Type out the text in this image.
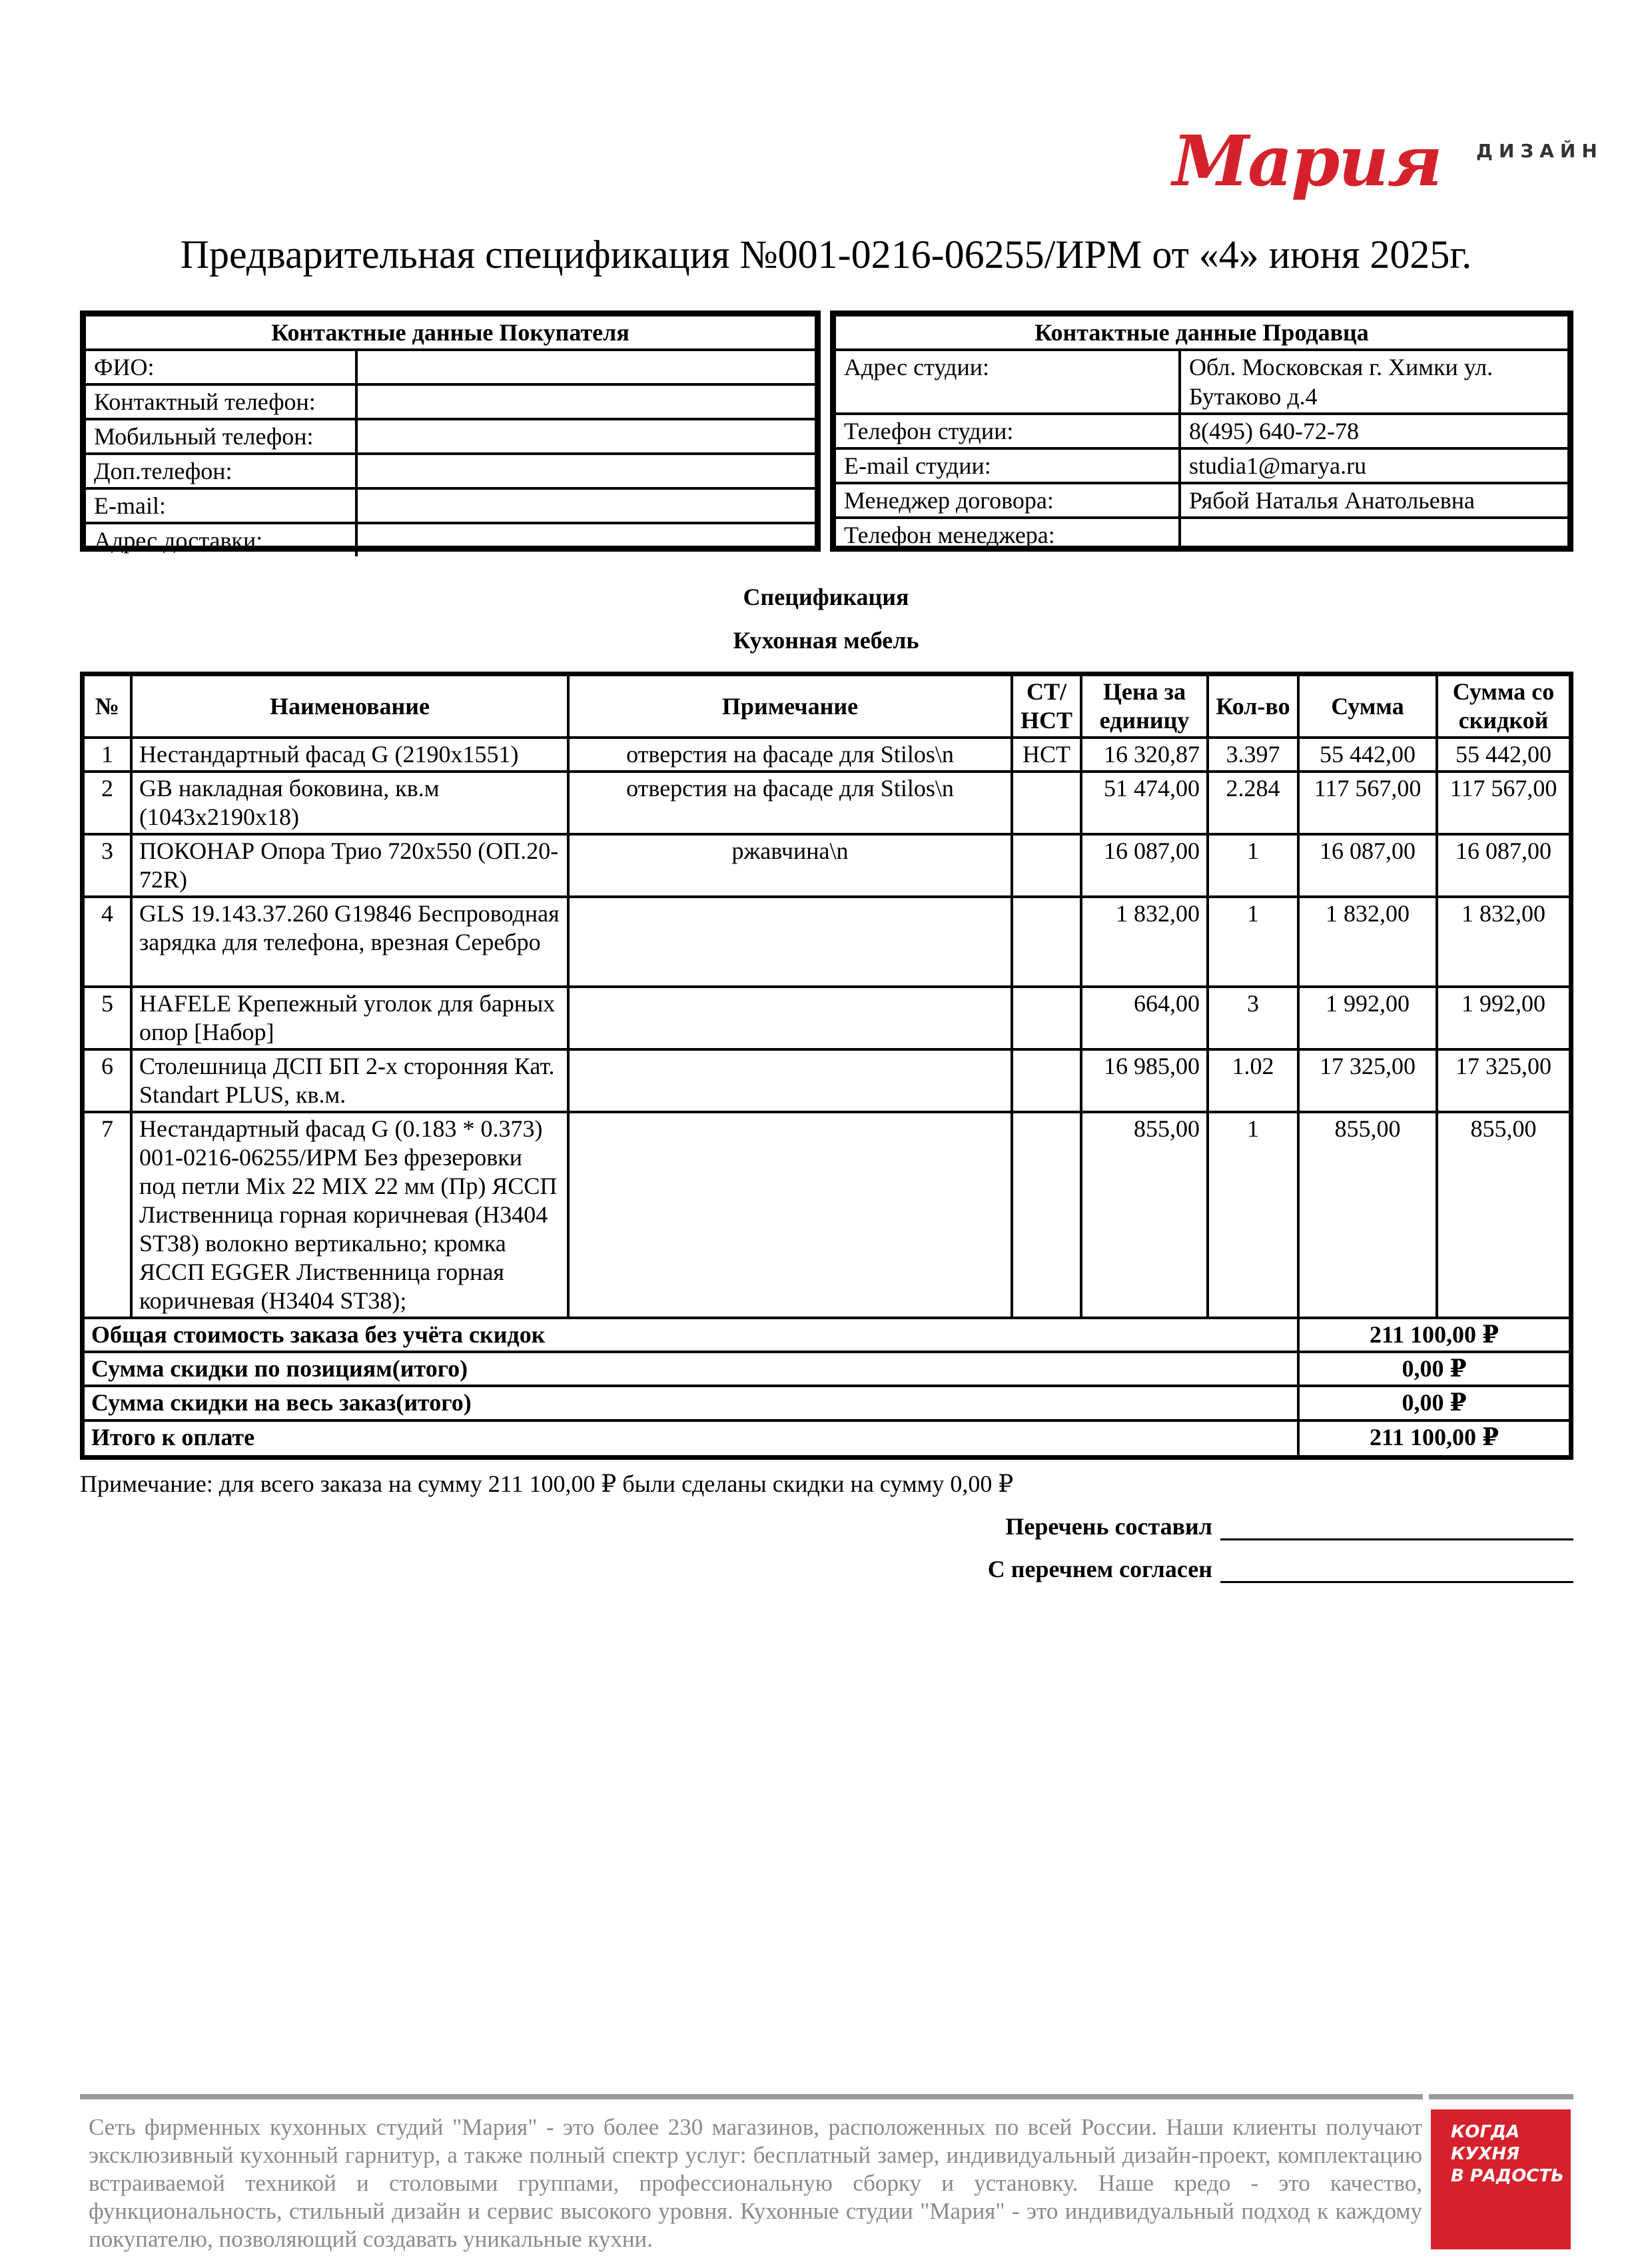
Мария ДИЗАЙН
Предварительная спецификация №001-0216-06255/ИРМ от «4» июня 2025г.
Контактные данные Покупателя	
ФИО:	
Контактный телефон:	
Мобильный телефон:	
Доп.телефон:	
E-mail:	
Адрес доставки:	
Контактные данные Продавца	
Адрес студии:	Обл. Московская г. Химки ул. Бутаково д.4
Телефон студии:	8(495) 640-72-78
E-mail студии:	studia1@marya.ru
Менеджер договора:	Рябой Наталья Анатольевна
Телефон менеджера:	
Спецификация
Кухонная мебель
№	Наименование	Примечание	СТ/ НСТ	Цена за единицу	Кол-во	Сумма	Сумма со скидкой
1	Нестандартный фасад G (2190x1551)	отверстия на фасаде для Stilos\n	НСТ	16 320,87	3.397	55 442,00	55 442,00
2	GB накладная боковина, кв.м (1043x2190x18)	отверстия на фасаде для Stilos\n		51 474,00	2.284	117 567,00	117 567,00
3	ПОКОНАР Опора Трио 720x550 (ОП.20-72R)	ржавчина\n		16 087,00	1	16 087,00	16 087,00
4	GLS 19.143.37.260 G19846 Беспроводная зарядка для телефона, врезная Серебро			1 832,00	1	1 832,00	1 832,00
5	HAFELE Крепежный уголок для барных опор [Набор]			664,00	3	1 992,00	1 992,00
6	Столешница ДСП БП 2-х сторонняя Кат. Standart PLUS, кв.м.			16 985,00	1.02	17 325,00	17 325,00
7	Нестандартный фасад G (0.183 * 0.373) 001-0216-06255/ИРМ Без фрезеровки под петли Mix 22 MIX 22 мм (Пр) ЯССП Лиственница горная коричневая (H3404 ST38) волокно вертикально; кромка ЯССП EGGER Лиственница горная коричневая (H3404 ST38);			855,00	1	855,00	855,00
Общая стоимость заказа без учёта скидок						211 100,00 ₽	
Сумма скидки по позициям(итого)						0,00 ₽	
Сумма скидки на весь заказ(итого)						0,00 ₽	
Итого к оплате						211 100,00 ₽	
Примечание: для всего заказа на сумму 211 100,00 ₽ были сделаны скидки на сумму 0,00 ₽
Перечень составил
С перечнем согласен
Сеть фирменных кухонных студий "Мария" - это более 230 магазинов, расположенных по всей России. Наши клиенты получают эксклюзивный кухонный гарнитур, а также полный спектр услуг: бесплатный замер, индивидуальный дизайн-проект, комплектацию встраиваемой техникой и столовыми группами, профессиональную сборку и установку. Наше кредо - это качество, функциональность, стильный дизайн и сервис высокого уровня. Кухонные студии "Мария" - это индивидуальный подход к каждому покупателю, позволяющий создавать уникальные кухни.
КОГДА
КУХНЯ
В РАДОСТЬ
